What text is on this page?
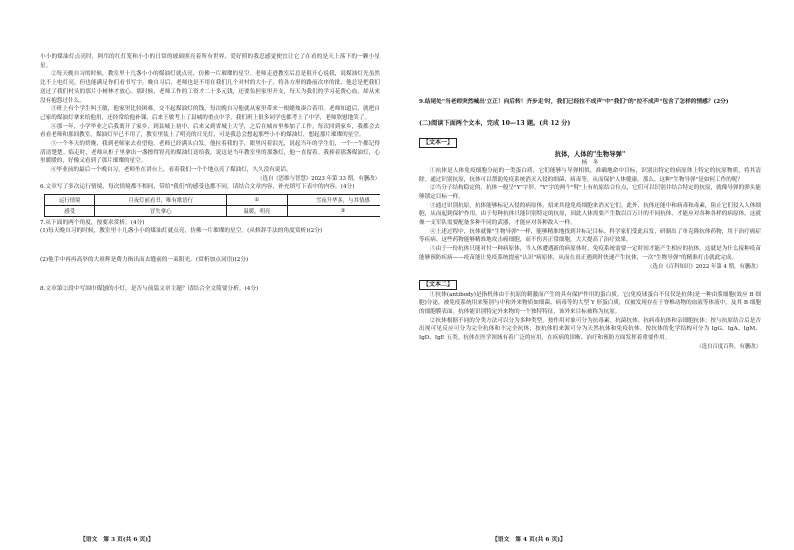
小小的煤油灯点亮时，阿邝的红灯笼和小小的日常的玻璃照亮着所有世界，爱好照的我忍感觉便宜让它了在看的是天上落下的一颗小星星。

②每天晚自习的时候，教室里十几盏小小的煤油灯就点亮，仿佛一片璀璨的星空。老师走进教室后总是很开心说我，说煤油灯光虽然比不上电灯亮，但也能满足你们看书写字。晚自习后，老师也是不用在我们几个对村的大小子，将各方形的路前次序的批、他总是把我们送过了我们村头的那片小树林才放心。那时候，老师工作的工资才二十多元钱，还要负担家里开支，每天为我们的学习花费心血，却从来没有抱怨过什么。

③班上有个学生叫王敏，他家里比较困难，交不起煤油灯的钱，每次晚自习他就从家里带来一根蜡烛凑合着用。老师知道后，就把自己家的煤油灯拿来给他用，还经常给他补课。后来王敏考上了县城的重点中学，我们班上很多同学也都考上了中学，老师欣慰地笑了。

④那一年，小学毕业之后我离开了家乡，到县城上初中，后来又到省城上大学，之后在城市里参加了工作。每次回到家乡，我都会去看看老师和那间教室。煤油灯早已不用了，教室里装上了明亮的日光灯，可是我总会想起那些小小的煤油灯，想起那片璀璨的星空。

⑤一个冬天的傍晚，我到老师家去看望他，老师已经满头白发，他拉着我的手，眼里闪着泪光，说起当年的学生们，一个一个都记得清清楚楚。临走时，老师从柜子里拿出一盏擦得锃亮的煤油灯送给我，说这是当年教室里的那盏灯，他一直留着。我捧着那盏煤油灯，心里暖暖的，好像又看到了那片璀璨的星空。

⑥毕业前的最后一个晚自习，老师坐在讲台上，看着我们一个个地点亮了煤油灯，久久没有说话。

（选自《思维与智慧》2023 年第 33 期，有删改）

6.文章写了多次运行情境，每次情境都不相同，带给"我们"的感受也都不同，请结合文章内容，补充填写下表中的内容。(4分)

运行情境	月夜灯前看书，唯有歌语行	①	雪夜升华多，与其情感
感受	冒失拿心	温暖，明亮	③

7.从下面的两个角度，按要求赏析。(4分)

(1)每天晚自习的时候，教室里十几盏小小的煤油灯就点亮，仿佛一片璀璨的星空。(从修辞手法的角度赏析)(2分)

(2)他手中再再高举的大祖辉是费力指出而去缝前的一束阳光。(赏析加点词语)(2分)

8.文章第②段中写围巾煤刨的小灯，是否与前篇文章主题？请结合全文简要分析。(4分)

【语文　第 3 页(共 6 页)】

9.结尾处"当老师突然喊出'立正！向后转！齐步走'时，我们已经拉不成声"中"我们"的"拉不成声"包含了怎样的情感？(2分)

(二)阅读下面两个文本，完成 10—13 题。(共 12 分)
【文本一】
抗体，人体的"生物导弹"
杨　冬

①抗体是人体免疫细胞分泌的一类蛋白质，它们能够与导弹相似，准确地命中目标，识别出特定的病原体上特定的抗原物质，将其清除。通过识别抗原，抗体可以帮助免疫系统消灭入侵的细菌、病毒等，从而保护人体健康。那么，这种"生物导弹"是如何工作的呢？

②当分子结构稳定的，抗体一般呈"Y"字形。"Y"字的两个"臂"上有抗原结合位点，它们可以识别并结合特定的抗原，就像导弹的弹头能够锁定目标一样。

③通过识别抗原，抗体能够标记入侵的病原体，招来其他免疫细胞来消灭它们。此外，抗体还能中和病毒和毒素，阻止它们侵入人体细胞，从而起到保护作用。由于每种抗体只能识别特定的抗原，因此人体需要产生数以百万计的不同抗体，才能应对各种各样的病原体。这就像一支军队需要配备多种不同的武器，才能应对各种敌人一样。

④上述过程中，抗体就像"生物导弹"一样，能够精准地找到并标记目标。科学家们受此启发，研制出了单克隆抗体药物，用于治疗癌症等疾病。这些药物能够精准地攻击癌细胞，而不伤害正常细胞，大大提高了治疗效果。

⑤由于一份抗体只能对付一种病原体，当人体遭遇新的病原体时，免疫系统需要一定时间才能产生相应的抗体。这就是为什么接种疫苗能够预防疾病——疫苗能让免疫系统提前"认识"病原体，从而在真正遇到时快速产生抗体，一次"生物导弹"的精准打击就此完成。

（选自《百科知识》2022 年第 4 期，有删改）

【文本二】

①抗体(antibody)是指机体由于抗原的刺激而产生的具有保护作用的蛋白质。它(免疫球蛋白不仅仅是抗体)是一种由浆细胞(效应 B 细胞)分泌，被免疫系统用来鉴别与中和外来物质如细菌、病毒等的大型 Y 形蛋白质，仅被发现存在于脊椎动物的血液等体液中，及其 B 细胞的细胞膜表面。抗体能识别特定外来物的一个独特特征，该外来目标被称为抗原。

②抗体根据不同的分类方法可以分为多种类型。按作用对象可分为抗毒素、抗菌抗体、抗病毒抗体和亲细胞抗体；按与抗原结合后是否出现可见反应可分为完全抗体和不完全抗体；按抗体的来源可分为天然抗体和免疫抗体。按抗体的化学结构可分为 IgG、IgA、IgM、IgD、IgE 五类。抗体在医学领域有着广泛的应用，在疾病的诊断、治疗和预防方面发挥着重要作用。

（选自百度百科，有删改）

【语文　第 4 页(共 6 页)】
